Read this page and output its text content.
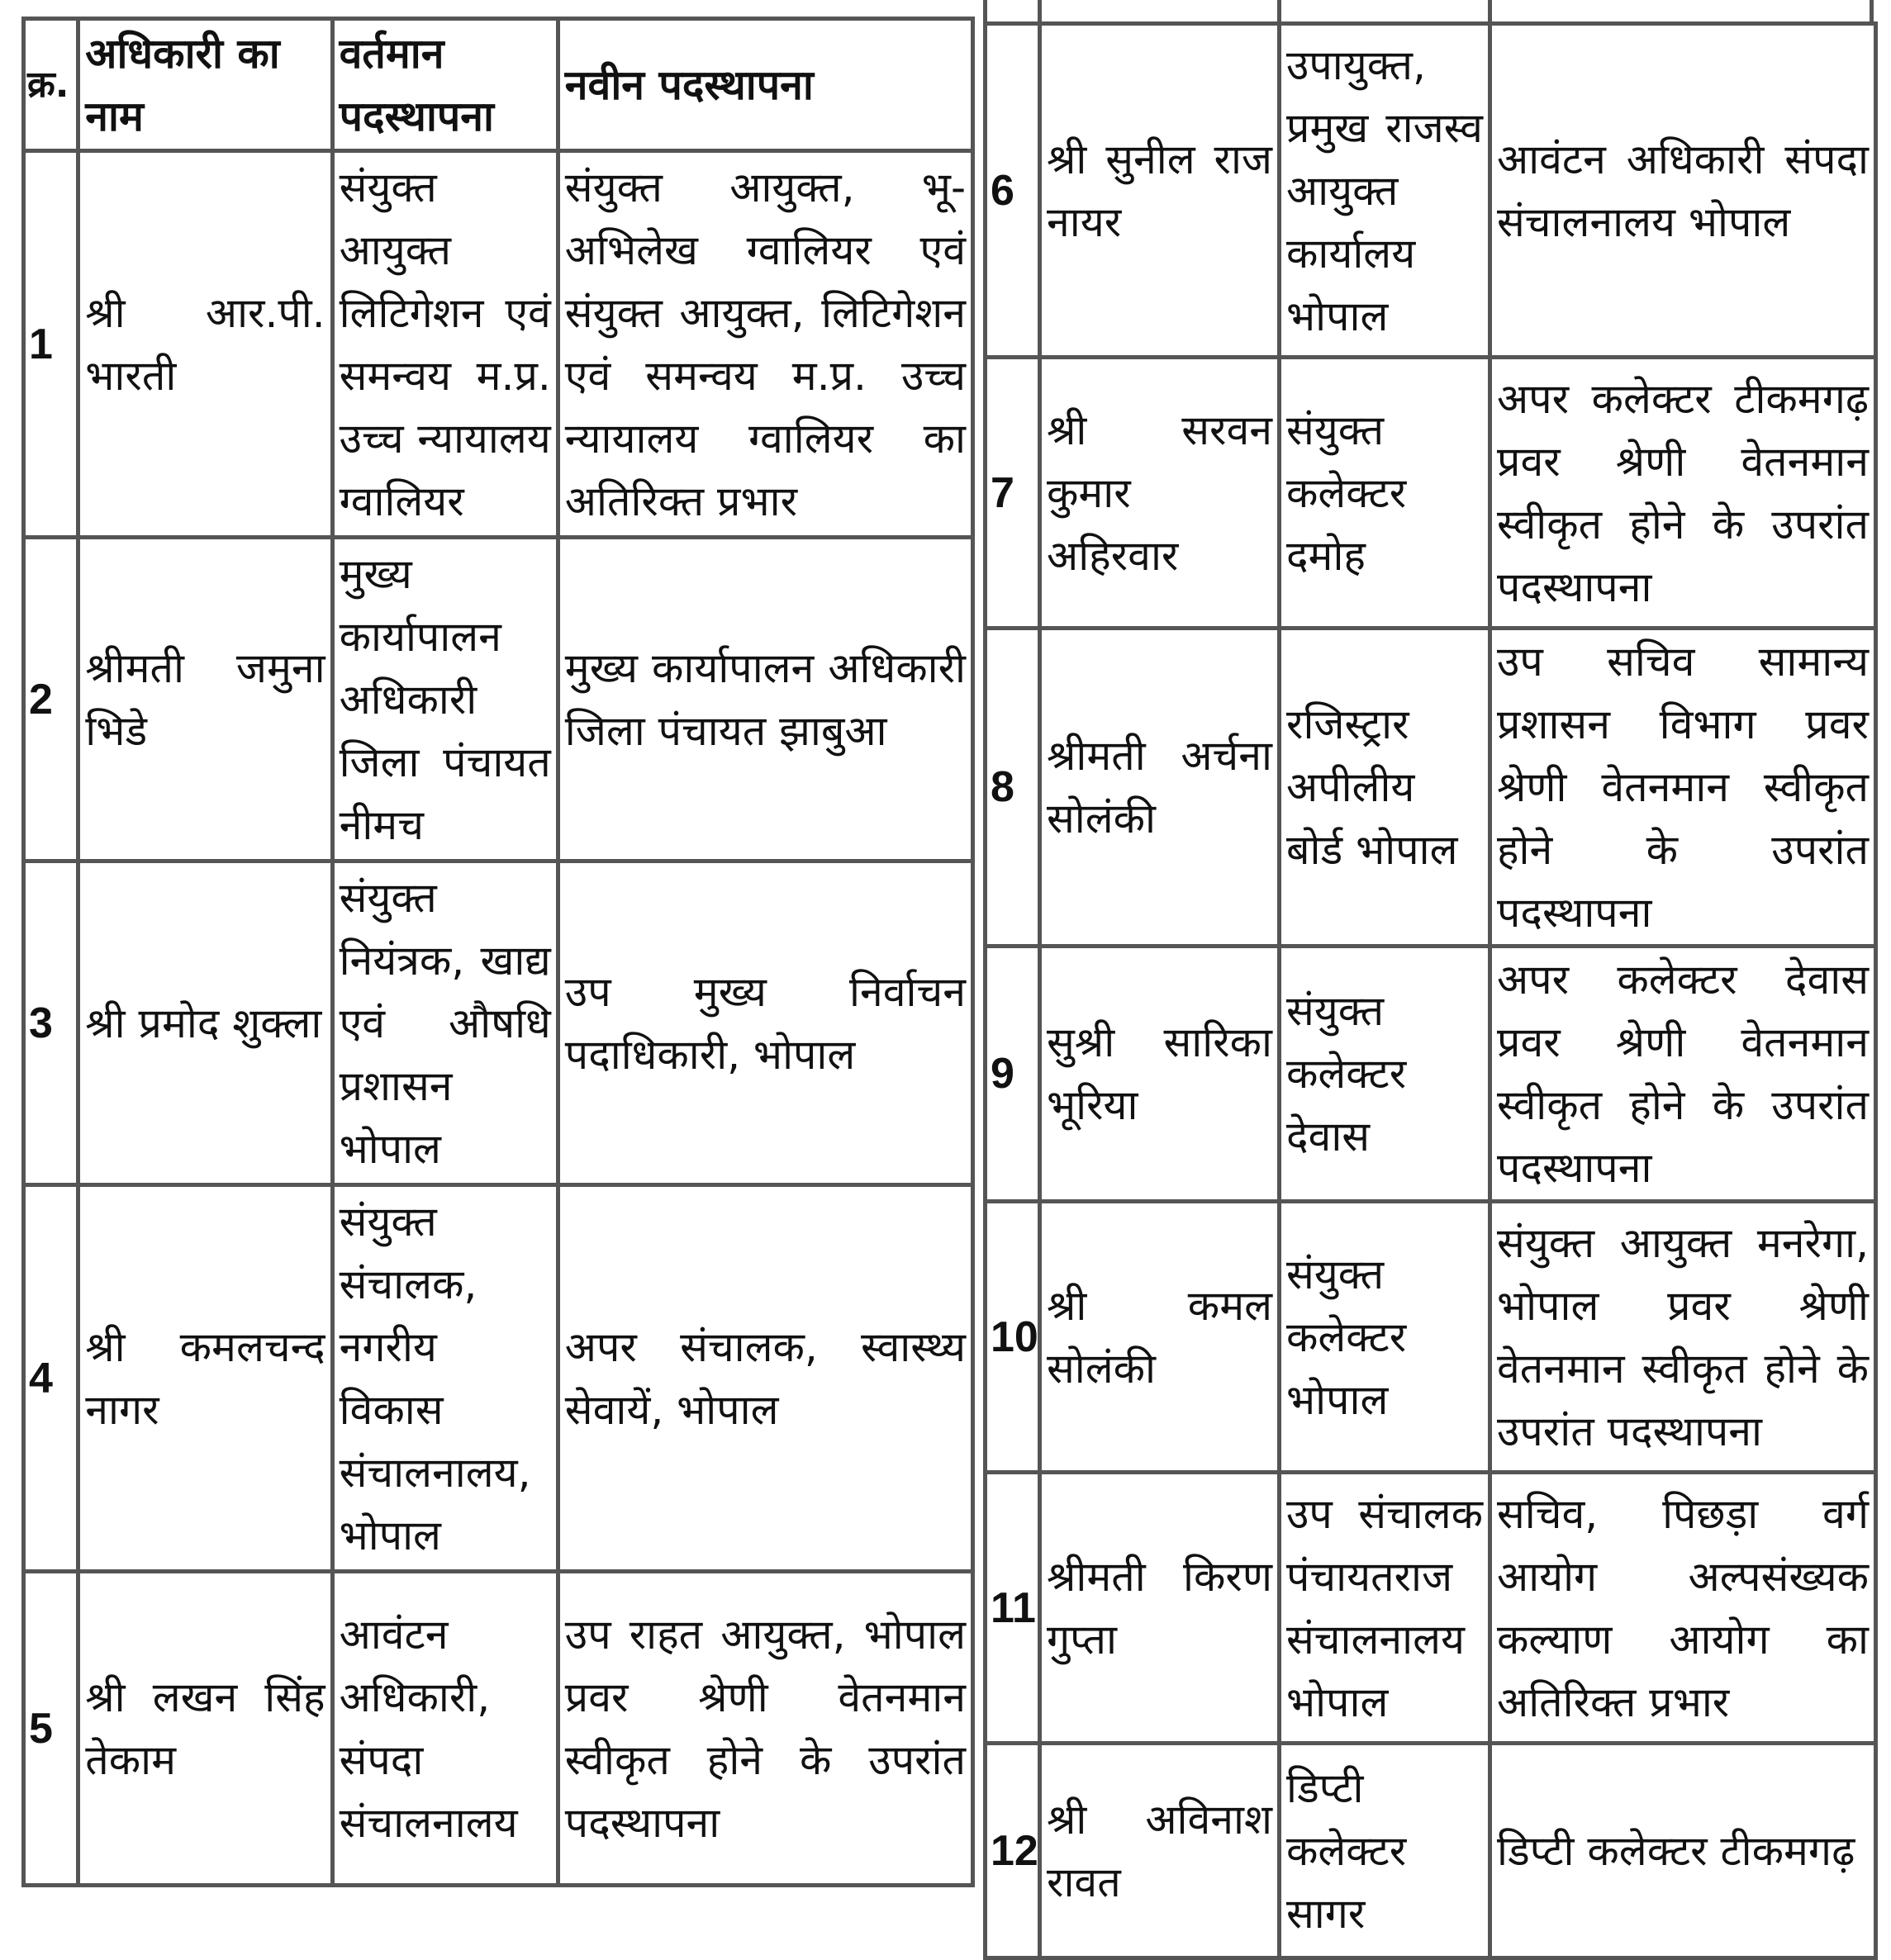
क्र.	अधिकारी का नाम	वर्तमान पदस्थापना	नवीन पदस्थापना
1	श्री आर.पी. भारती	संयुक्त आयुक्त लिटिगेशन एवं समन्वय म.प्र. उच्च न्यायालय ग्वालियर	संयुक्त आयुक्त, भू-अभिलेख ग्वालियर एवं संयुक्त आयुक्त, लिटिगेशन एवं समन्वय म.प्र. उच्च न्यायालय ग्वालियर का अतिरिक्त प्रभार
2	श्रीमती जमुना भिडे	मुख्य कार्यापालन अधिकारी जिला पंचायत नीमच	मुख्य कार्यापालन अधिकारी जिला पंचायत झाबुआ
3	श्री प्रमोद शुक्ला	संयुक्त नियंत्रक, खाद्य एवं औषधि प्रशासन भोपाल	उप मुख्य निर्वाचन पदाधिकारी, भोपाल
4	श्री कमलचन्द नागर	संयुक्त संचालक, नगरीय विकास संचालनालय, भोपाल	अपर संचालक, स्वास्थ्य सेवायें, भोपाल
5	श्री लखन सिंह तेकाम	आवंटन अधिकारी, संपदा संचालनालय	उप राहत आयुक्त, भोपाल प्रवर श्रेणी वेतनमान स्वीकृत होने के उपरांत पदस्थापना
6	श्री सुनील राज नायर	उपायुक्त, प्रमुख राजस्व आयुक्त कार्यालय भोपाल	आवंटन अधिकारी संपदा संचालनालय भोपाल
7	श्री सरवन कुमार अहिरवार	संयुक्त कलेक्टर दमोह	अपर कलेक्टर टीकमगढ़ प्रवर श्रेणी वेतनमान स्वीकृत होने के उपरांत पदस्थापना
8	श्रीमती अर्चना सोलंकी	रजिस्ट्रार अपीलीय बोर्ड भोपाल	उप सचिव सामान्य प्रशासन विभाग प्रवर श्रेणी वेतनमान स्वीकृत होने के उपरांत पदस्थापना
9	सुश्री सारिका भूरिया	संयुक्त कलेक्टर देवास	अपर कलेक्टर देवास प्रवर श्रेणी वेतनमान स्वीकृत होने के उपरांत पदस्थापना
10	श्री कमल सोलंकी	संयुक्त कलेक्टर भोपाल	संयुक्त आयुक्त मनरेगा, भोपाल प्रवर श्रेणी वेतनमान स्वीकृत होने के उपरांत पदस्थापना
11	श्रीमती किरण गुप्ता	उप संचालक पंचायतराज संचालनालय भोपाल	सचिव, पिछड़ा वर्ग आयोग अल्पसंख्यक कल्याण आयोग का अतिरिक्त प्रभार
12	श्री अविनाश रावत	डिप्टी कलेक्टर सागर	डिप्टी कलेक्टर टीकमगढ़
